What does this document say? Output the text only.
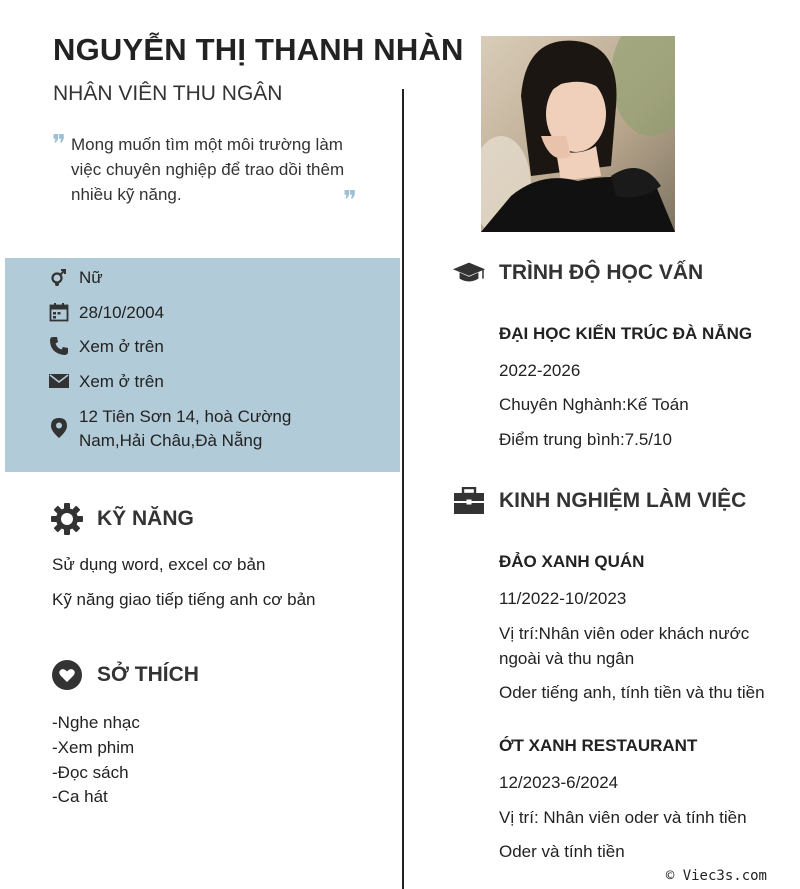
NGUYỄN THỊ THANH NHÀN
NHÂN VIÊN THU NGÂN
❞ Mong muốn tìm một môi trường làm việc chuyên nghiệp để trao dồi thêm nhiều kỹ năng.	❞
Nữ
28/10/2004
Xem ở trên
Xem ở trên
12 Tiên Sơn 14, hoà Cường
Nam,Hải Châu,Đà Nẵng
KỸ NĂNG
Sử dụng word, excel cơ bản
Kỹ năng giao tiếp tiếng anh cơ bản
SỞ THÍCH
-Nghe nhạc
-Xem phim
-Đọc sách
-Ca hát
TRÌNH ĐỘ HỌC VẤN
ĐẠI HỌC KIẾN TRÚC ĐÀ NẴNG
2022-2026
Chuyên Nghành:Kế Toán
Điểm trung bình:7.5/10
KINH NGHIỆM LÀM VIỆC
ĐẢO XANH QUÁN
11/2022-10/2023
Vị trí:Nhân viên oder khách nước
ngoài và thu ngân
Oder tiếng anh, tính tiền và thu tiền
ỚT XANH RESTAURANT
12/2023-6/2024
Vị trí: Nhân viên oder và tính tiền
Oder và tính tiền
© Viec3s.com
